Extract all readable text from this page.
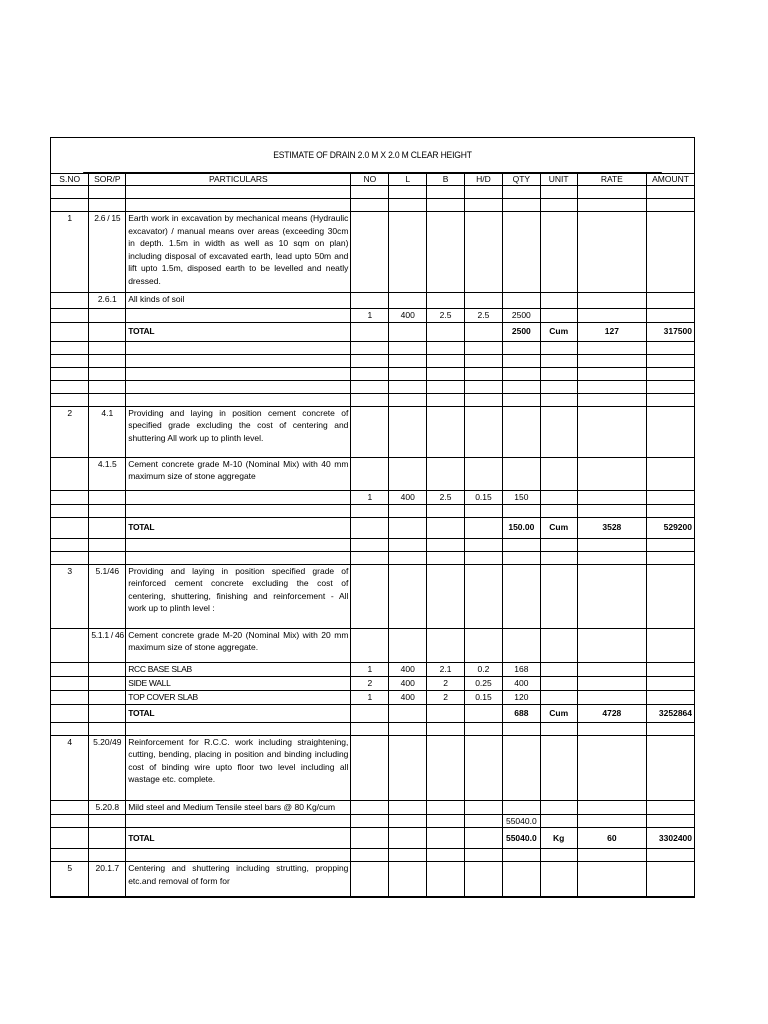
ESTIMATE OF DRAIN 2.0 M X 2.0 M CLEAR HEIGHT
S.NO	SOR/P	PARTICULARS	NO	L	B	H/D	QTY	UNIT	RATE	AMOUNT

1	2.6 / 15	Earth work in excavation by mechanical means (Hydraulic excavator) / manual means over areas (exceeding 30cm in depth. 1.5m in width as well as 10 sqm on plan) including disposal of excavated earth, lead upto 50m and lift upto 1.5m, disposed earth to be levelled and neatly dressed.								
	2.6.1	All kinds of soil								
			1	400	2.5	2.5	2500			
		TOTAL					2500	Cum	127	317500

2	4.1	Providing and laying in position cement concrete of specified grade excluding the cost of centering and shuttering All work up to plinth level.								
	4.1.5	Cement concrete grade M-10 (Nominal Mix) with 40 mm maximum size of stone aggregate								
			1	400	2.5	0.15	150			

		TOTAL					150.00	Cum	3528	529200

3	5.1/46	Providing and laying in position specified grade of reinforced cement concrete excluding the cost of centering, shuttering, finishing and reinforcement - All work up to plinth level :								
	5.1.1 / 46	Cement concrete grade M-20 (Nominal Mix) with 20 mm maximum size of stone aggregate.								
		RCC BASE SLAB	1	400	2.1	0.2	168			
		SIDE WALL	2	400	2	0.25	400			
		TOP COVER SLAB	1	400	2	0.15	120			
		TOTAL					688	Cum	4728	3252864

4	5.20/49	Reinforcement for R.C.C. work including straightening, cutting, bending, placing in position and binding including cost of binding wire upto floor two level including all wastage etc. complete.								
	5.20.8	Mild steel and Medium Tensile steel bars @ 80 Kg/cum								
							55040.0			
		TOTAL					55040.0	Kg	60	3302400

5	20.1.7	Centering and shuttering including strutting, propping etc.and removal of form for								
